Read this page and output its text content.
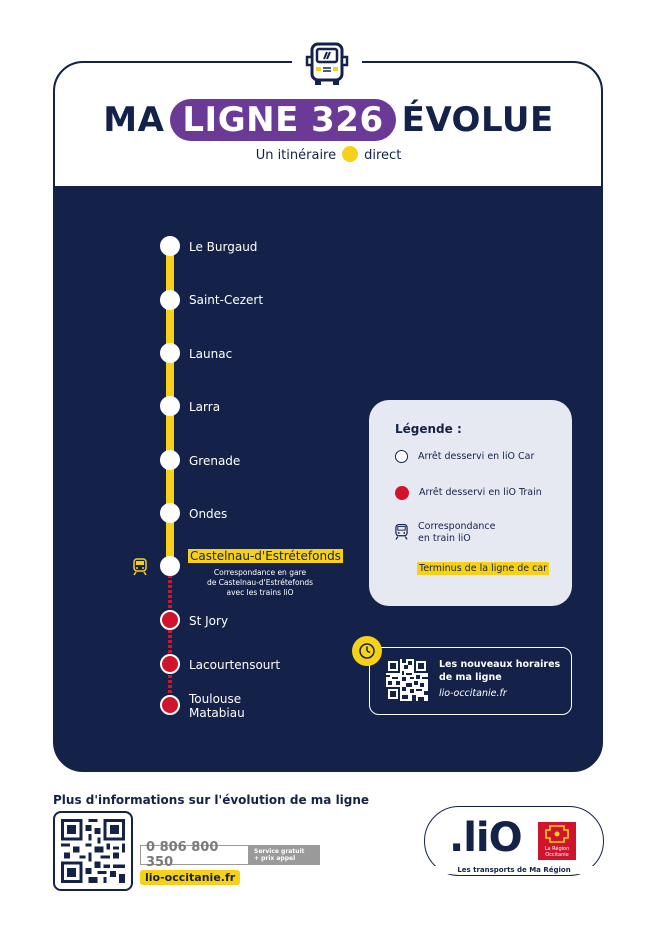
MA LIGNE 326 ÉVOLUE
Un itinéraire direct
Le Burgaud
Saint-Cezert
Launac
Larra
Grenade
Ondes
Castelnau-d'Estrétefonds
Correspondance en gare
de Castelnau-d'Estrétefonds
avec les trains liO
St Jory
Lacourtensourt
Toulouse
Matabiau
Légende :
Arrêt desservi en liO Car
Arrêt desservi en liO Train
Correspondance
en train liO
Terminus de la ligne de car
Les nouveaux horaires
de ma ligne
lio-occitanie.fr
Plus d'informations sur l'évolution de ma ligne
0 806 800 350
Service gratuit
+ prix appel
lio-occitanie.fr
.liO	La Région Occitanie
Les transports de Ma Région
